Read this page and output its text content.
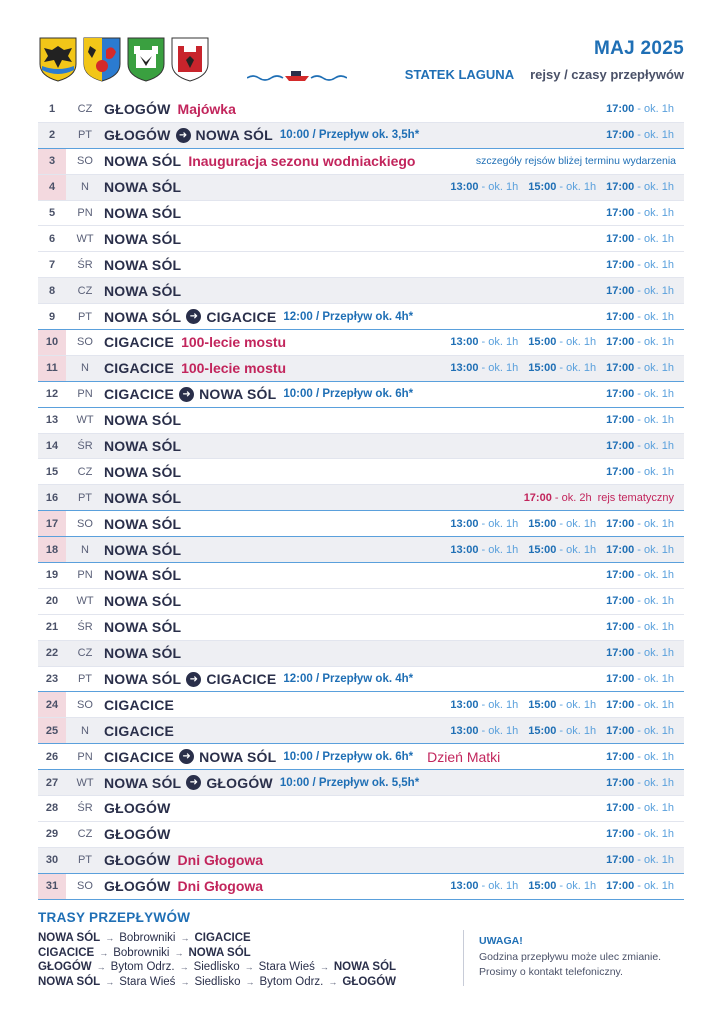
MAJ 2025
STATEK LAGUNA rejsy / czasy przepływów
1	CZ GŁOGÓW Majówka	17:00 - ok. 1h
2	PT GŁOGÓW ➜ NOWA SÓL 10:00 / Przepływ ok. 3,5h*	17:00 - ok. 1h
3	SO NOWA SÓL Inauguracja sezonu wodniackiego	szczegóły rejsów bliżej terminu wydarzenia
4	N	NOWA SÓL	13:00 - ok. 1h 15:00 - ok. 1h 17:00 - ok. 1h
5	PN NOWA SÓL	17:00 - ok. 1h
6	WT NOWA SÓL	17:00 - ok. 1h
7	ŚR NOWA SÓL	17:00 - ok. 1h
8	CZ NOWA SÓL	17:00 - ok. 1h
9	PT NOWA SÓL ➜ CIGACICE 12:00 / Przepływ ok. 4h*	17:00 - ok. 1h
10	SO CIGACICE 100-lecie mostu	13:00 - ok. 1h 15:00 - ok. 1h 17:00 - ok. 1h
11	N	CIGACICE 100-lecie mostu	13:00 - ok. 1h 15:00 - ok. 1h 17:00 - ok. 1h
12	PN CIGACICE ➜ NOWA SÓL 10:00 / Przepływ ok. 6h*	17:00 - ok. 1h
13	WT NOWA SÓL	17:00 - ok. 1h
14	ŚR NOWA SÓL	17:00 - ok. 1h
15	CZ NOWA SÓL	17:00 - ok. 1h
16	PT NOWA SÓL	17:00 - ok. 2h rejs tematyczny
17	SO NOWA SÓL	13:00 - ok. 1h 15:00 - ok. 1h 17:00 - ok. 1h
18	N	NOWA SÓL	13:00 - ok. 1h 15:00 - ok. 1h 17:00 - ok. 1h
19	PN NOWA SÓL	17:00 - ok. 1h
20	WT NOWA SÓL	17:00 - ok. 1h
21	ŚR NOWA SÓL	17:00 - ok. 1h
22	CZ NOWA SÓL	17:00 - ok. 1h
23	PT NOWA SÓL ➜ CIGACICE 12:00 / Przepływ ok. 4h*	17:00 - ok. 1h
24	SO CIGACICE	13:00 - ok. 1h 15:00 - ok. 1h 17:00 - ok. 1h
25	N	CIGACICE	13:00 - ok. 1h 15:00 - ok. 1h 17:00 - ok. 1h
26	PN CIGACICE ➜ NOWA SÓL 10:00 / Przepływ ok. 6h* Dzień Matki	17:00 - ok. 1h
27	WT NOWA SÓL ➜ GŁOGÓW 10:00 / Przepływ ok. 5,5h*	17:00 - ok. 1h
28	ŚR GŁOGÓW	17:00 - ok. 1h
29	CZ GŁOGÓW	17:00 - ok. 1h
30	PT GŁOGÓW Dni Głogowa	17:00 - ok. 1h
31	SO GŁOGÓW Dni Głogowa	13:00 - ok. 1h 15:00 - ok. 1h 17:00 - ok. 1h
TRASY PRZEPŁYWÓW
NOWA SÓL → Bobrowniki → CIGACICE
CIGACICE → Bobrowniki → NOWA SÓL
GŁOGÓW → Bytom Odrz. → Siedlisko → Stara Wieś → NOWA SÓL
NOWA SÓL → Stara Wieś → Siedlisko → Bytom Odrz. → GŁOGÓW
UWAGA!
Godzina przepływu może ulec zmianie.
Prosimy o kontakt telefoniczny.
